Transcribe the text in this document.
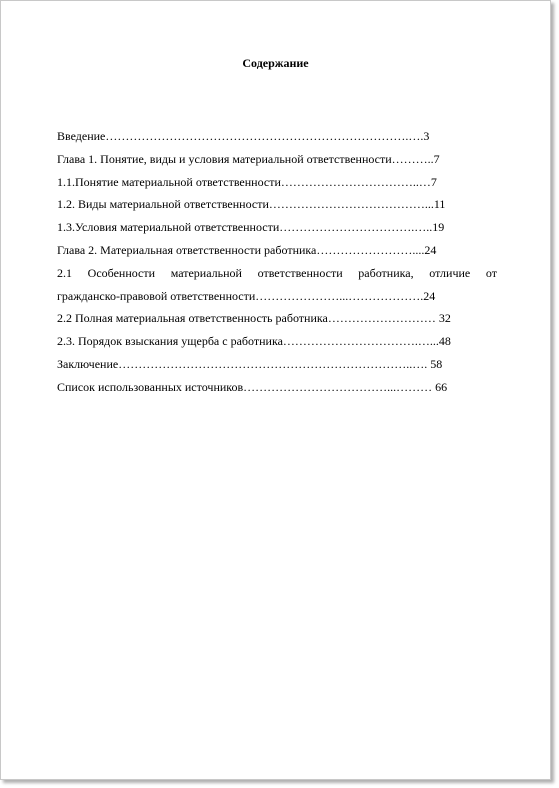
Содержание
Введение………………………………………………………………….….3
Глава 1. Понятие, виды и условия материальной ответственности………..7
1.1.Понятие материальной ответственности……………………………..…7
1.2. Виды материальной ответственности…………………………………...11
1.3.Условия материальной ответственности…………………………….…..19
Глава 2. Материальная ответственности работника……………………....24
2.1 Особенности материальной ответственности работника, отличие от
гражданско-правовой ответственности…………………...……………….24
2.2 Полная материальная ответственность работника……………………… 32
2.3. Порядок взыскания ущерба с работника…………………………….…...48
Заключение………………………………………………………………..…. 58
Список использованных источников………………………………...……… 66
